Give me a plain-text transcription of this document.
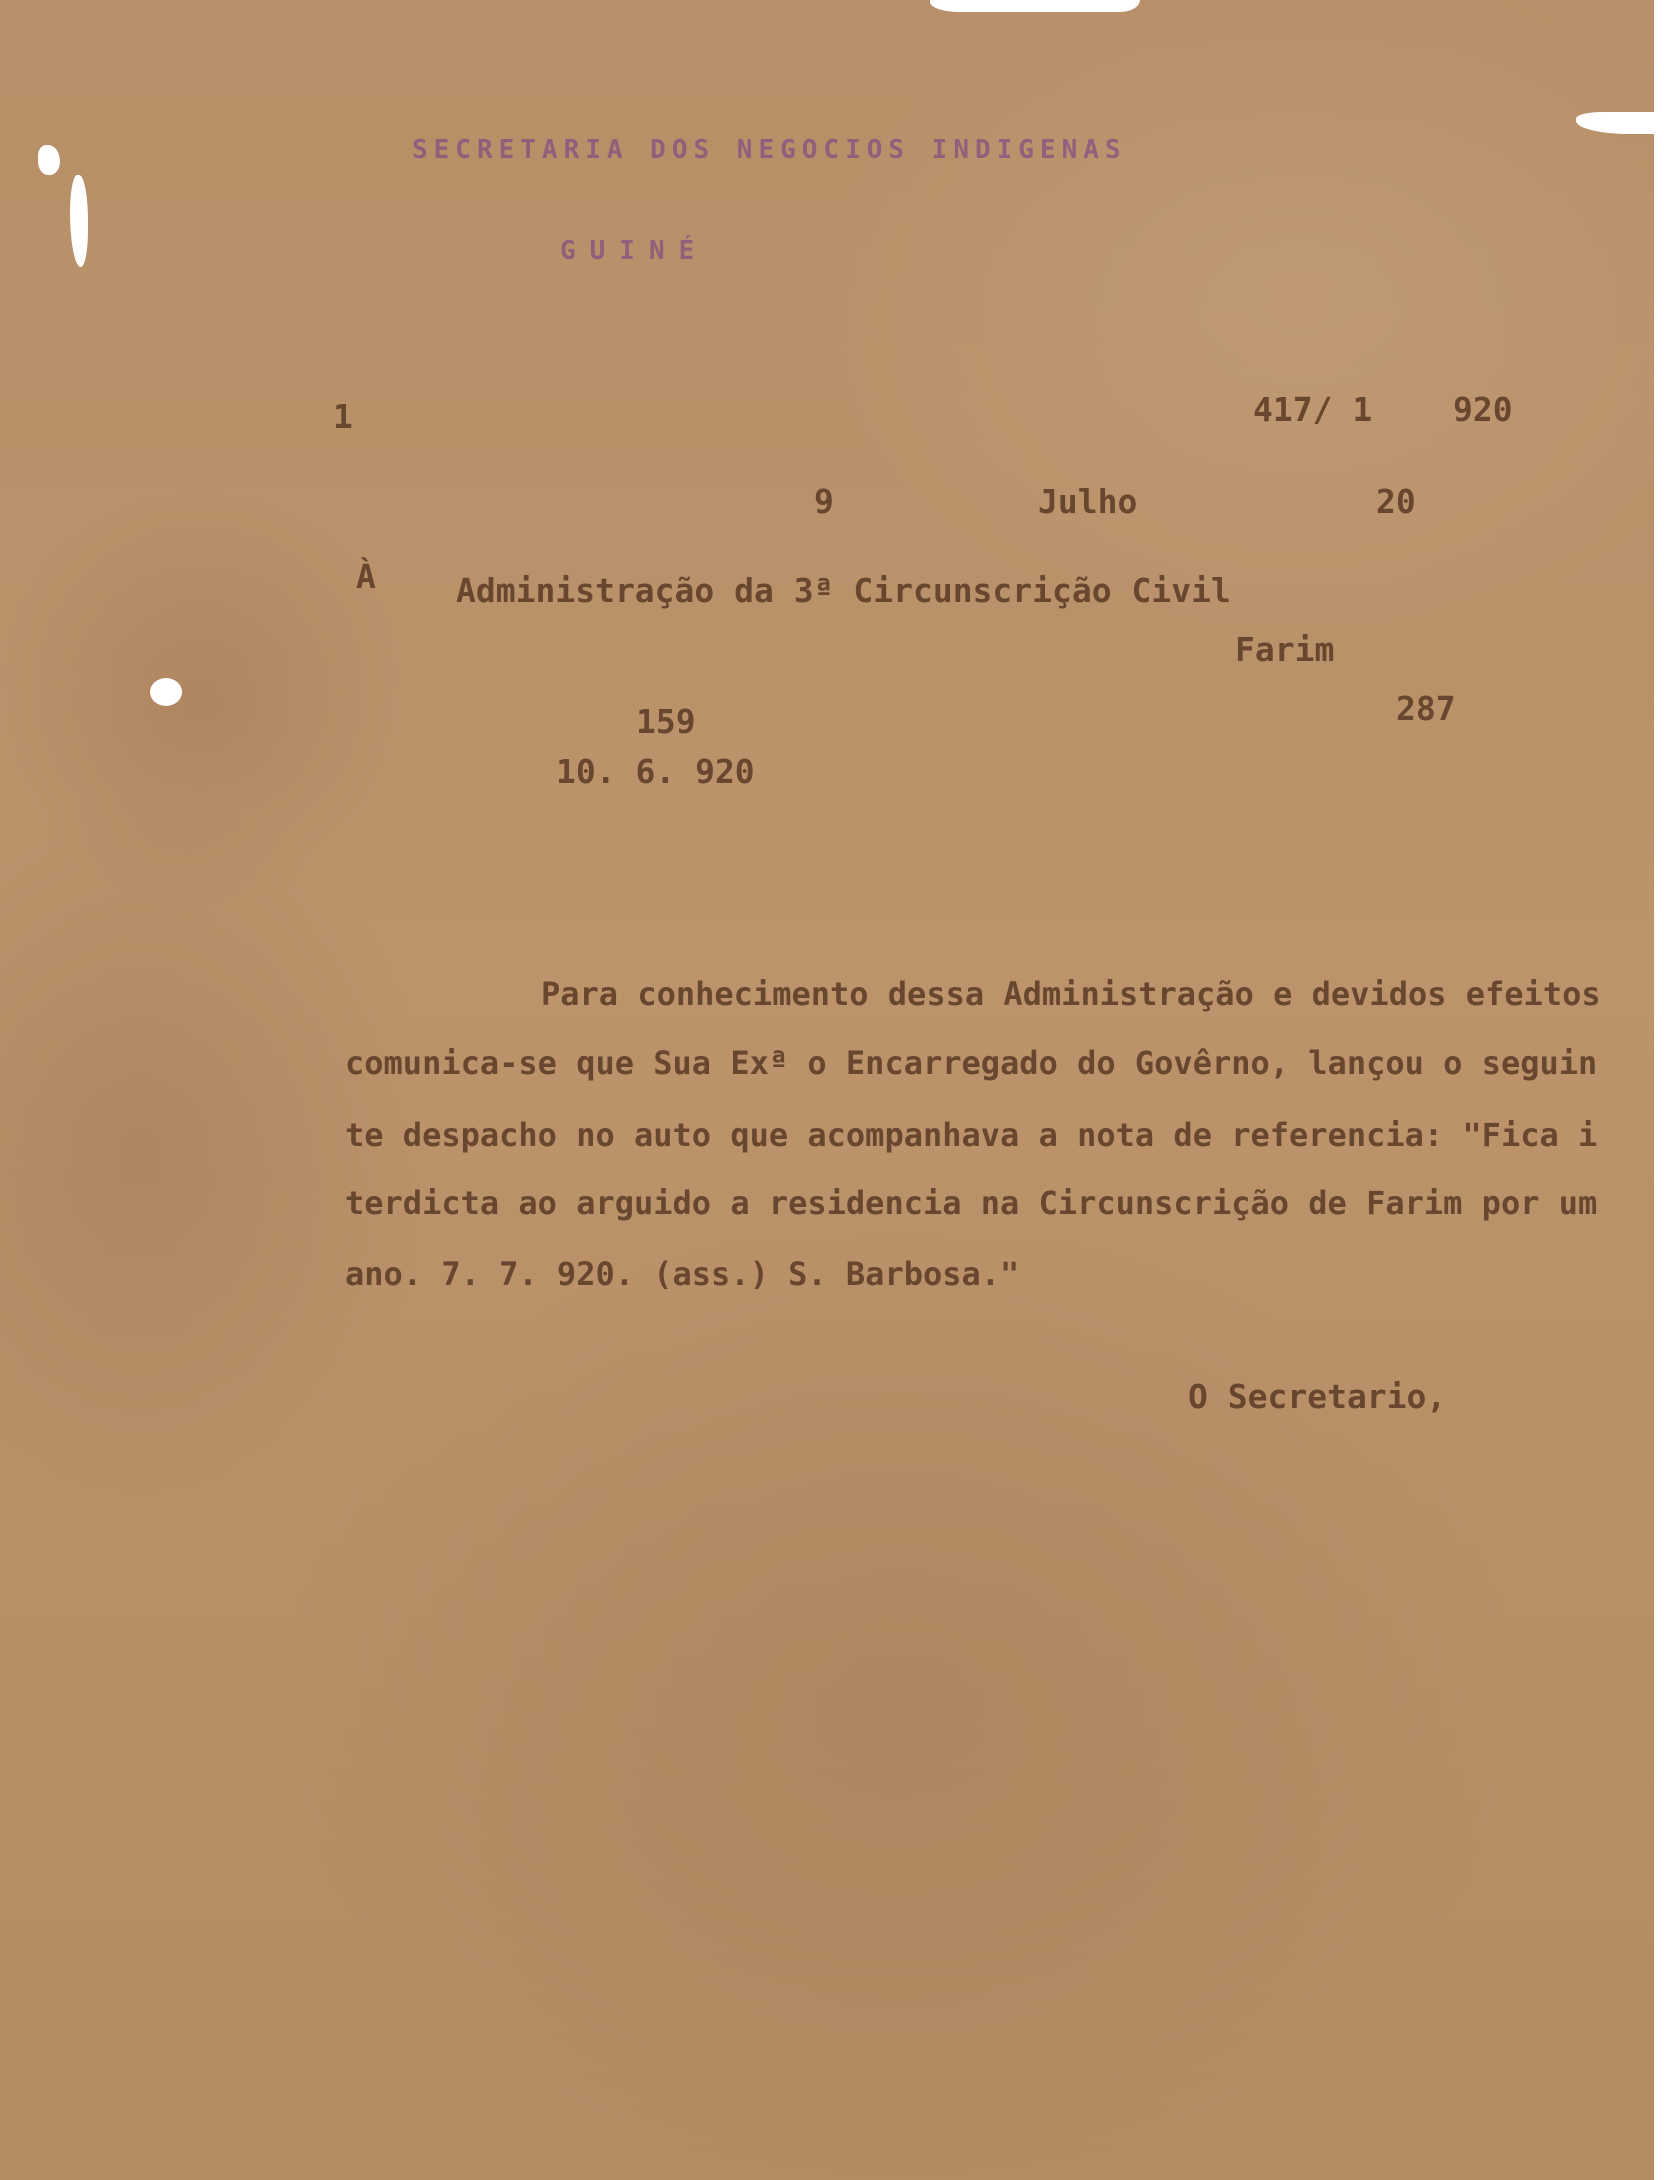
SECRETARIA DOS NEGOCIOS INDIGENAS
GUINÉ
1	417/ 1 920
9	Julho	20
À Administração da 3ª Circunscrição Civil
Farim
159	287
10. 6. 920
Para conhecimento dessa Administração e devidos efeitos
comunica-se que Sua Exª o Encarregado do Govêrno, lançou o seguin
te despacho no auto que acompanhava a nota de referencia: "Fica i
terdicta ao arguido a residencia na Circunscrição de Farim por um
ano. 7. 7. 920. (ass.) S. Barbosa."
O Secretario,
